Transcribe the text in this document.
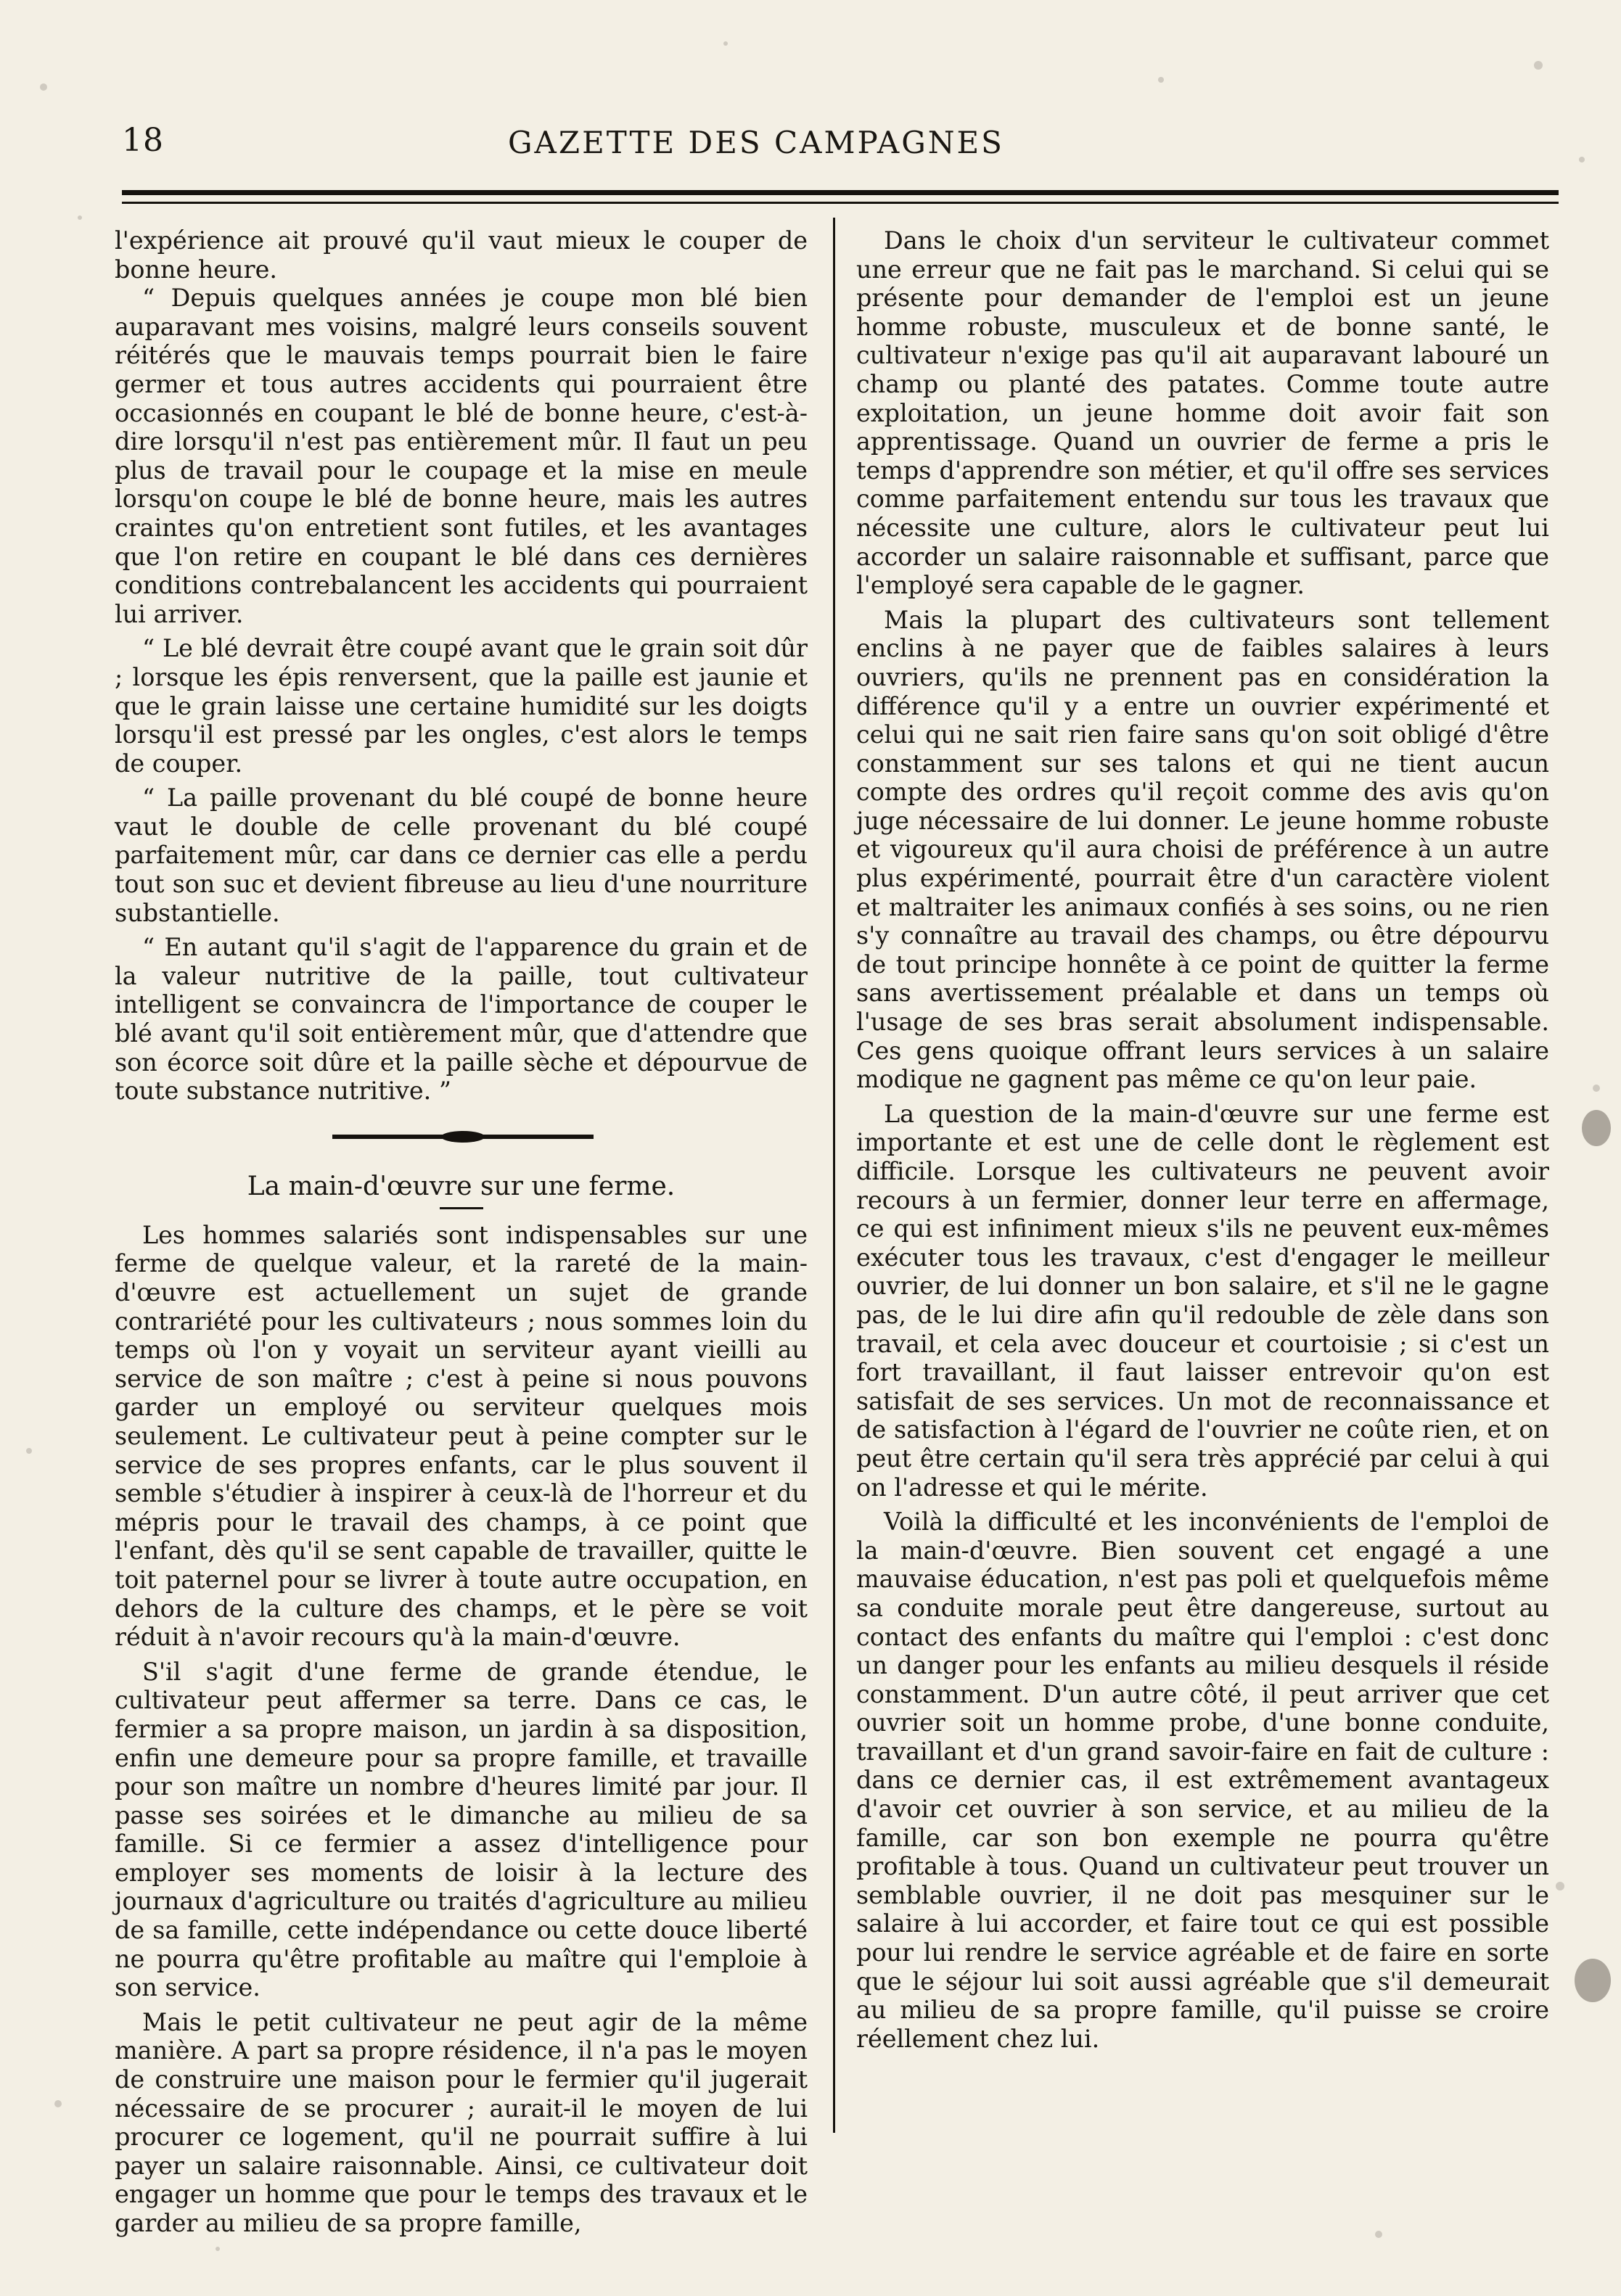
18	GAZETTE DES CAMPAGNES

l'expérience ait prouvé qu'il vaut mieux le couper de bonne heure.

“ Depuis quelques années je coupe mon blé bien auparavant mes voisins, malgré leurs conseils souvent réitérés que le mauvais temps pourrait bien le faire germer et tous autres accidents qui pourraient être occasionnés en coupant le blé de bonne heure, c'est-à-dire lorsqu'il n'est pas entièrement mûr. Il faut un peu plus de travail pour le coupage et la mise en meule lorsqu'on coupe le blé de bonne heure, mais les autres craintes qu'on entretient sont futiles, et les avantages que l'on retire en coupant le blé dans ces dernières conditions contrebalancent les accidents qui pourraient lui arriver.

“ Le blé devrait être coupé avant que le grain soit dûr ; lorsque les épis renversent, que la paille est jaunie et que le grain laisse une certaine humidité sur les doigts lorsqu'il est pressé par les ongles, c'est alors le temps de couper.

“ La paille provenant du blé coupé de bonne heure vaut le double de celle provenant du blé coupé parfaitement mûr, car dans ce dernier cas elle a perdu tout son suc et devient fibreuse au lieu d'une nourriture substantielle.

“ En autant qu'il s'agit de l'apparence du grain et de la valeur nutritive de la paille, tout cultivateur intelligent se convaincra de l'importance de couper le blé avant qu'il soit entièrement mûr, que d'attendre que son écorce soit dûre et la paille sèche et dépourvue de toute substance nutritive. ”

La main-d'œuvre sur une ferme.

Les hommes salariés sont indispensables sur une ferme de quelque valeur, et la rareté de la main-d'œuvre est actuellement un sujet de grande contrariété pour les cultivateurs ; nous sommes loin du temps où l'on y voyait un serviteur ayant vieilli au service de son maître ; c'est à peine si nous pouvons garder un employé ou serviteur quelques mois seulement. Le cultivateur peut à peine compter sur le service de ses propres enfants, car le plus souvent il semble s'étudier à inspirer à ceux-là de l'horreur et du mépris pour le travail des champs, à ce point que l'enfant, dès qu'il se sent capable de travailler, quitte le toit paternel pour se livrer à toute autre occupation, en dehors de la culture des champs, et le père se voit réduit à n'avoir recours qu'à la main-d'œuvre.

S'il s'agit d'une ferme de grande étendue, le cultivateur peut affermer sa terre. Dans ce cas, le fermier a sa propre maison, un jardin à sa disposition, enfin une demeure pour sa propre famille, et travaille pour son maître un nombre d'heures limité par jour. Il passe ses soirées et le dimanche au milieu de sa famille. Si ce fermier a assez d'intelligence pour employer ses moments de loisir à la lecture des journaux d'agriculture ou traités d'agriculture au milieu de sa famille, cette indépendance ou cette douce liberté ne pourra qu'être profitable au maître qui l'emploie à son service.

Mais le petit cultivateur ne peut agir de la même manière. A part sa propre résidence, il n'a pas le moyen de construire une maison pour le fermier qu'il jugerait nécessaire de se procurer ; aurait-il le moyen de lui procurer ce logement, qu'il ne pourrait suffire à lui payer un salaire raisonnable. Ainsi, ce cultivateur doit engager un homme que pour le temps des travaux et le garder au milieu de sa propre famille,

Dans le choix d'un serviteur le cultivateur commet une erreur que ne fait pas le marchand. Si celui qui se présente pour demander de l'emploi est un jeune homme robuste, musculeux et de bonne santé, le cultivateur n'exige pas qu'il ait auparavant labouré un champ ou planté des patates. Comme toute autre exploitation, un jeune homme doit avoir fait son apprentissage. Quand un ouvrier de ferme a pris le temps d'apprendre son métier, et qu'il offre ses services comme parfaitement entendu sur tous les travaux que nécessite une culture, alors le cultivateur peut lui accorder un salaire raisonnable et suffisant, parce que l'employé sera capable de le gagner.

Mais la plupart des cultivateurs sont tellement enclins à ne payer que de faibles salaires à leurs ouvriers, qu'ils ne prennent pas en considération la différence qu'il y a entre un ouvrier expérimenté et celui qui ne sait rien faire sans qu'on soit obligé d'être constamment sur ses talons et qui ne tient aucun compte des ordres qu'il reçoit comme des avis qu'on juge nécessaire de lui donner. Le jeune homme robuste et vigoureux qu'il aura choisi de préférence à un autre plus expérimenté, pourrait être d'un caractère violent et maltraiter les animaux confiés à ses soins, ou ne rien s'y connaître au travail des champs, ou être dépourvu de tout principe honnête à ce point de quitter la ferme sans avertissement préalable et dans un temps où l'usage de ses bras serait absolument indispensable. Ces gens quoique offrant leurs services à un salaire modique ne gagnent pas même ce qu'on leur paie.

La question de la main-d'œuvre sur une ferme est importante et est une de celle dont le règlement est difficile. Lorsque les cultivateurs ne peuvent avoir recours à un fermier, donner leur terre en affermage, ce qui est infiniment mieux s'ils ne peuvent eux-mêmes exécuter tous les travaux, c'est d'engager le meilleur ouvrier, de lui donner un bon salaire, et s'il ne le gagne pas, de le lui dire afin qu'il redouble de zèle dans son travail, et cela avec douceur et courtoisie ; si c'est un fort travaillant, il faut laisser entrevoir qu'on est satisfait de ses services. Un mot de reconnaissance et de satisfaction à l'égard de l'ouvrier ne coûte rien, et on peut être certain qu'il sera très apprécié par celui à qui on l'adresse et qui le mérite.

Voilà la difficulté et les inconvénients de l'emploi de la main-d'œuvre. Bien souvent cet engagé a une mauvaise éducation, n'est pas poli et quelquefois même sa conduite morale peut être dangereuse, surtout au contact des enfants du maître qui l'emploi : c'est donc un danger pour les enfants au milieu desquels il réside constamment. D'un autre côté, il peut arriver que cet ouvrier soit un homme probe, d'une bonne conduite, travaillant et d'un grand savoir-faire en fait de culture : dans ce dernier cas, il est extrêmement avantageux d'avoir cet ouvrier à son service, et au milieu de la famille, car son bon exemple ne pourra qu'être profitable à tous. Quand un cultivateur peut trouver un semblable ouvrier, il ne doit pas mesquiner sur le salaire à lui accorder, et faire tout ce qui est possible pour lui rendre le service agréable et de faire en sorte que le séjour lui soit aussi agréable que s'il demeurait au milieu de sa propre famille, qu'il puisse se croire réellement chez lui.
